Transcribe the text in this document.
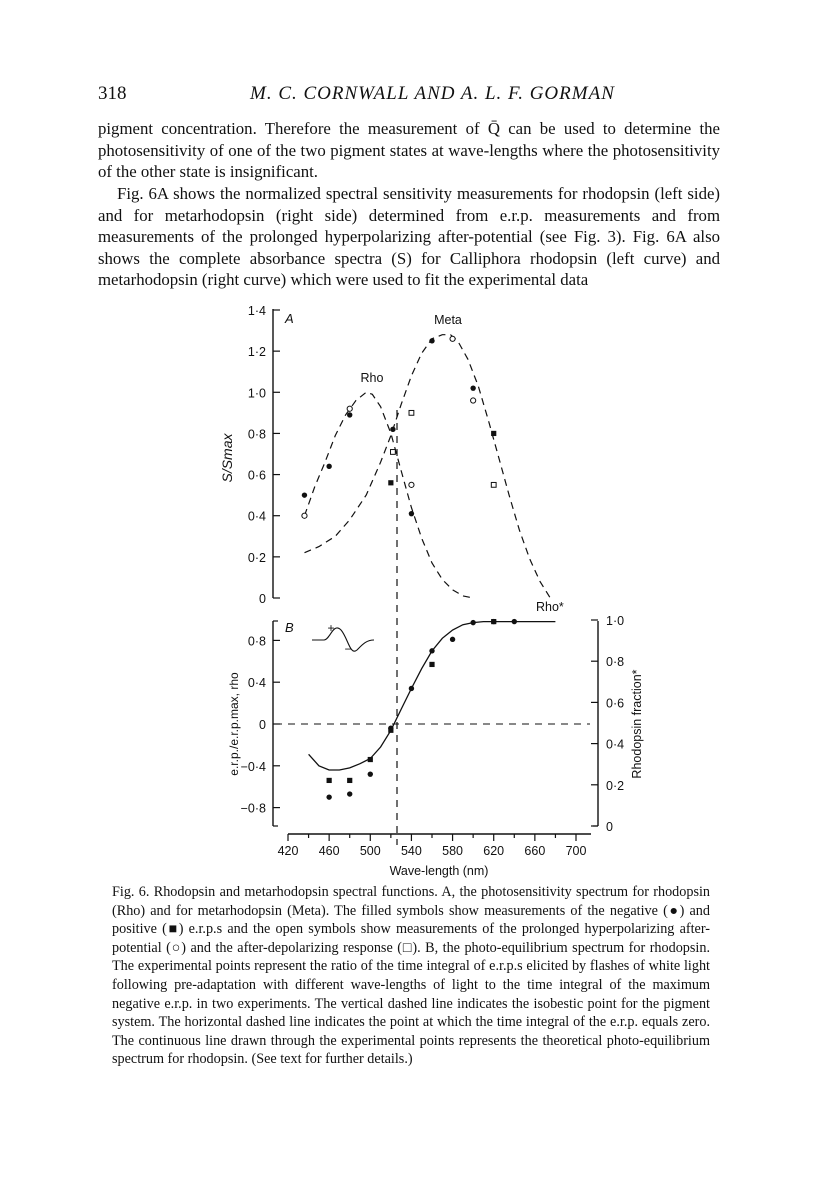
318	M. C. CORNWALL AND A. L. F. GORMAN

pigment concentration. Therefore the measurement of Q̄ can be used to determine the photosensitivity of one of the two pigment states at wave-lengths where the photosensitivity of the other state is insignificant.

Fig. 6A shows the normalized spectral sensitivity measurements for rhodopsin (left side) and for metarhodopsin (right side) determined from e.r.p. measurements and from measurements of the prolonged hyperpolarizing after-potential (see Fig. 3). Fig. 6A also shows the complete absorbance spectra (S) for Calliphora rhodopsin (left curve) and metarhodopsin (right curve) which were used to fit the experimental data

0
0·2
0·4
0·6
0·8
1·0
1·2
1·4 A
S/Smax
Rho
Meta
−0·8
−0·4
0
0·4
0·8
0
0·2
0·4
0·6
0·8
1·0
B
e.r.p./e.r.p.max, rho	Rhodopsin fraction*
Rho*
420 460 500 540 580 620 660 700
Wave-length (nm)
+
−

Fig. 6. Rhodopsin and metarhodopsin spectral functions. A, the photosensitivity spectrum for rhodopsin (Rho) and for metarhodopsin (Meta). The filled symbols show measurements of the negative (●) and positive (■) e.r.p.s and the open symbols show measurements of the prolonged hyperpolarizing after-potential (○) and the after-depolarizing response (□). B, the photo-equilibrium spectrum for rhodopsin. The experimental points represent the ratio of the time integral of e.r.p.s elicited by flashes of white light following pre-adaptation with different wave-lengths of light to the time integral of the maximum negative e.r.p. in two experiments. The vertical dashed line indicates the isobestic point for the pigment system. The horizontal dashed line indicates the point at which the time integral of the e.r.p. equals zero. The continuous line drawn through the experimental points represents the theoretical photo-equilibrium spectrum for rhodopsin. (See text for further details.)
